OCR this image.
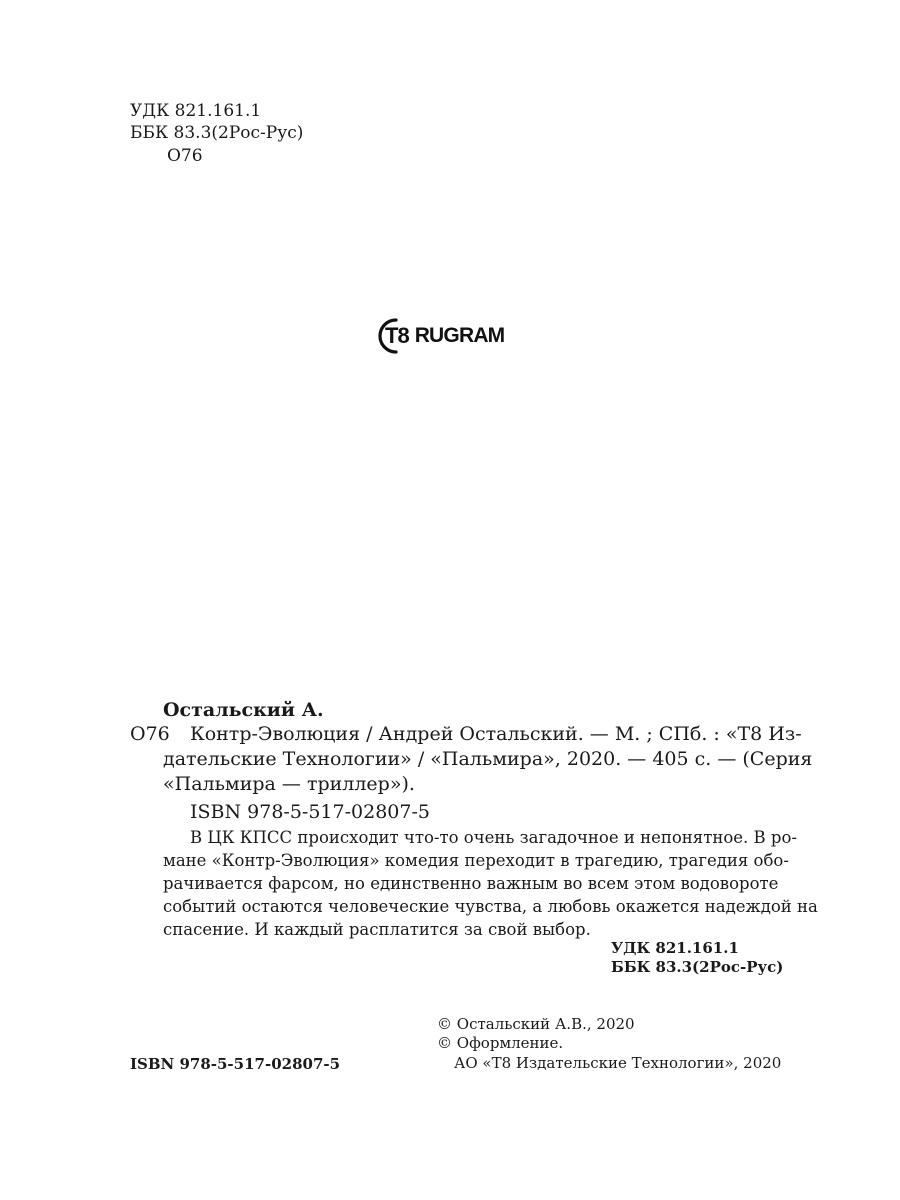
УДК 821.161.1
ББК 83.3(2Рос-Рус)
О76
T8 RUGRAM
Остальский А.
О76 Контр-Эволюция / Андрей Остальский. — М. ; СПб. : «Т8 Из-
дательские Технологии» / «Пальмира», 2020. — 405 с. — (Серия
«Пальмира — триллер»).
ISBN 978-5-517-02807-5
В ЦК КПСС происходит что-то очень загадочное и непонятное. В ро-
мане «Контр-Эволюция» комедия переходит в трагедию, трагедия обо-
рачивается фарсом, но единственно важным во всем этом водовороте
событий остаются человеческие чувства, а любовь окажется надеждой на
спасение. И каждый расплатится за свой выбор.
УДК 821.161.1
ББК 83.3(2Рос-Рус)
© Остальский А.В., 2020
© Оформление.
АО «Т8 Издательские Технологии», 2020
ISBN 978-5-517-02807-5
